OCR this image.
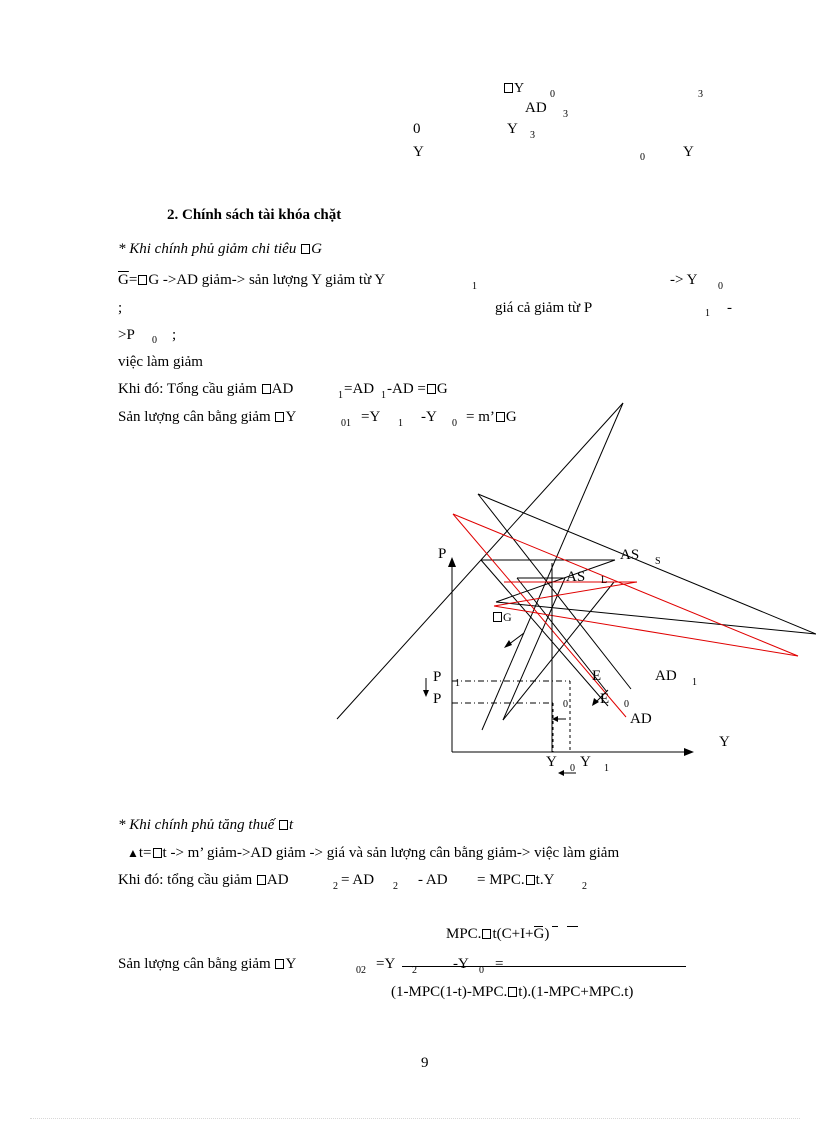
Y	0	3
AD 3
0	Y 3
Y	0	Y
2. Chính sách tài khóa chặt
* Khi chính phủ giảm chi tiêu G
$\overline{G}= G$ ->AD giảm-> sản lượng Y giảm từ Y	1	-> Y 0
;	giá cả giảm từ P	1 -
>P 0 ;
việc làm giảm
Khi đó: Tổng cầu giảm AD	1 =AD 1 -AD = G
Sản lượng cân bằng giảm Y	01 =Y 1 -Y 0 = m’ G
P
Y
AS S
AS L
G
E	AD 1
E 0
AD
P 1
P	0
Y 0 Y 1
* Khi chính phủ tăng thuế t
▲t= t -> m’ giảm->AD giảm -> giá và sản lượng cân bằng giảm-> việc làm giảm
Khi đó: tổng cầu giảm AD	2 = AD 2 - AD = MPC. t.Y	2
MPC. t(C+I+G)
Sản lượng cân bằng giảm Y	02 =Y 2 -Y 0 =
(1-MPC(1-t)-MPC. t).(1-MPC+MPC.t)
9
